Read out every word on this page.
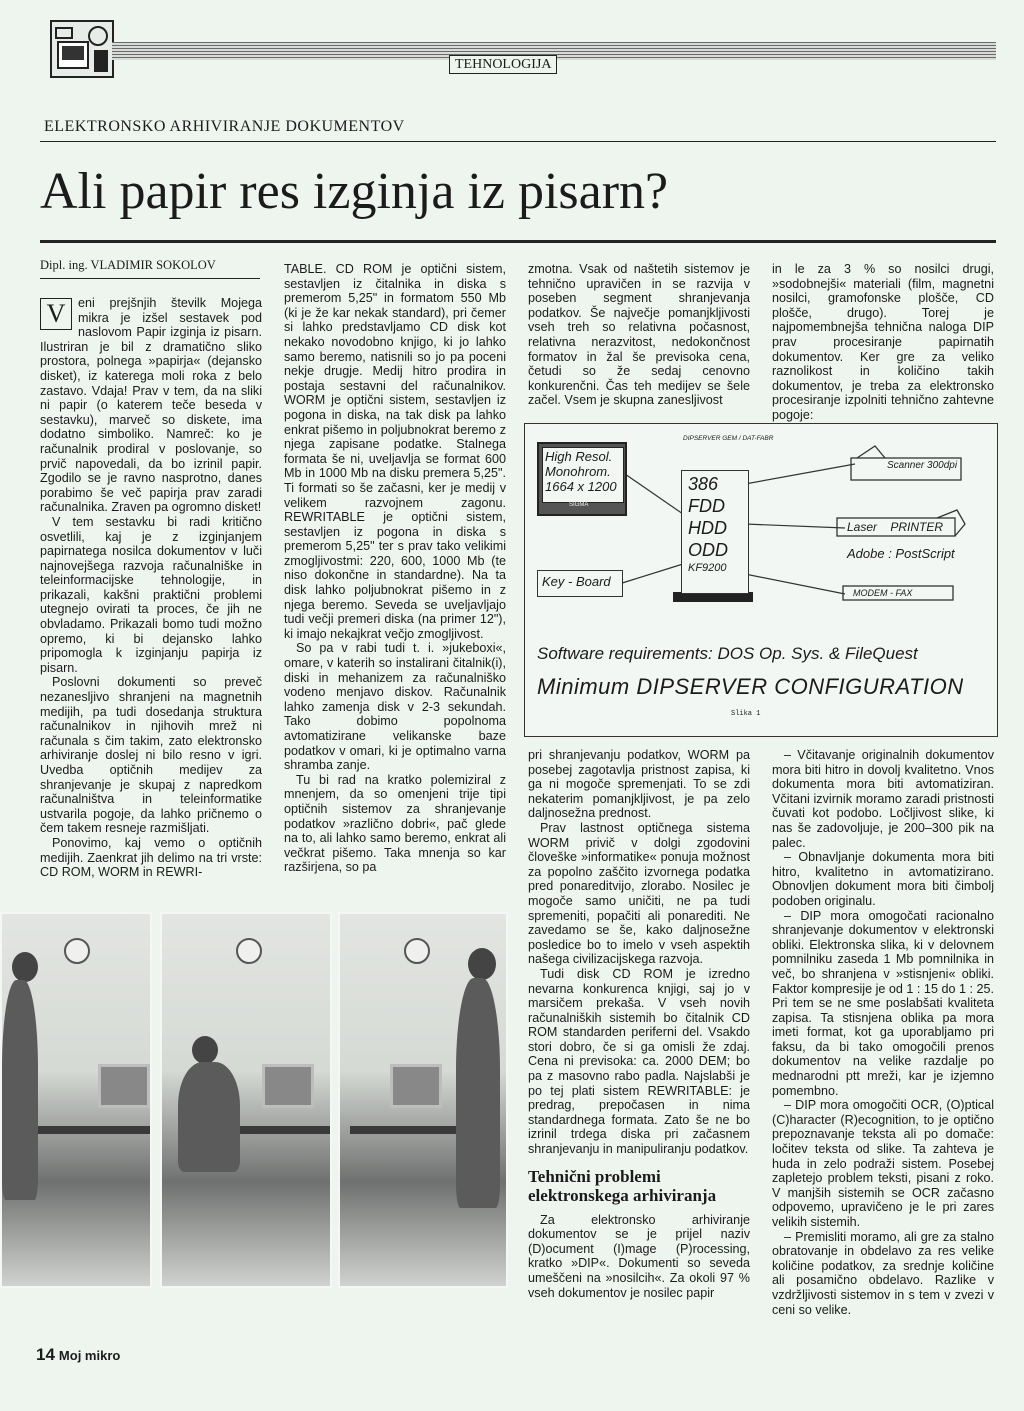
TEHNOLOGIJA
ELEKTRONSKO ARHIVIRANJE DOKUMENTOV
Ali papir res izginja iz pisarn?
Dipl. ing. VLADIMIR SOKOLOV

V	eni prejšnjih številk Mojega mikra je izšel sestavek pod naslovom Papir izginja iz pisarn. Ilustriran je bil z dramatično sliko prostora, polnega »papirja« (dejansko disket), iz katerega moli roka z belo zastavo. Vdaja! Prav v tem, da na sliki ni papir (o katerem teče beseda v sestavku), marveč so diskete, ima dodatno simboliko. Namreč: ko je računalnik prodiral v poslovanje, so prvič napovedali, da bo izrinil papir. Zgodilo se je ravno nasprotno, danes porabimo še več papirja prav zaradi računalnika. Zraven pa ogromno disket!

V tem sestavku bi radi kritično osvetlili, kaj je z izginjanjem papirnatega nosilca dokumentov v luči najnovejšega razvoja računalniške in teleinformacijske tehnologije, in prikazali, kakšni praktični problemi utegnejo ovirati ta proces, če jih ne obvladamo. Prikazali bomo tudi možno opremo, ki bi dejansko lahko pripomogla k izginjanju papirja iz pisarn.

Poslovni dokumenti so preveč nezanesljivo shranjeni na magnetnih medijih, pa tudi dosedanja struktura računalnikov in njihovih mrež ni računala s čim takim, zato elektronsko arhiviranje doslej ni bilo resno v igri. Uvedba optičnih medijev za shranjevanje je skupaj z napredkom računalništva in teleinformatike ustvarila pogoje, da lahko pričnemo o čem takem resneje razmišljati.

Ponovimo, kaj vemo o optičnih medijih. Zaenkrat jih delimo na tri vrste: CD ROM, WORM in REWRI-

TABLE. CD ROM je optični sistem, sestavljen iz čitalnika in diska s premerom 5,25" in formatom 550 Mb (ki je že kar nekak standard), pri čemer si lahko predstavljamo CD disk kot nekako novodobno knjigo, ki jo lahko samo beremo, natisnili so jo pa poceni nekje drugje. Medij hitro prodira in postaja sestavni del računalnikov. WORM je optični sistem, sestavljen iz pogona in diska, na tak disk pa lahko enkrat pišemo in poljubnokrat beremo z njega zapisane podatke. Stalnega formata še ni, uveljavlja se format 600 Mb in 1000 Mb na disku premera 5,25". Ti formati so še začasni, ker je medij v velikem razvojnem zagonu. REWRITABLE je optični sistem, sestavljen iz pogona in diska s premerom 5,25" ter s prav tako velikimi zmogljivostmi: 220, 600, 1000 Mb (te niso dokončne in standardne). Na ta disk lahko poljubnokrat pišemo in z njega beremo. Seveda se uveljavljajo tudi večji premeri diska (na primer 12"), ki imajo nekajkrat večjo zmogljivost.

So pa v rabi tudi t. i. »jukeboxi«, omare, v katerih so instalirani čitalnik(i), diski in mehanizem za računalniško vodeno menjavo diskov. Računalnik lahko zamenja disk v 2-3 sekundah. Tako dobimo popolnoma avtomatizirane velikanske baze podatkov v omari, ki je optimalno varna shramba zanje.

Tu bi rad na kratko polemiziral z mnenjem, da so omenjeni trije tipi optičnih sistemov za shranjevanje podatkov »različno dobri«, pač glede na to, ali lahko samo beremo, enkrat ali večkrat pišemo. Taka mnenja so kar razširjena, so pa

zmotna. Vsak od naštetih sistemov je tehnično upravičen in se razvija v poseben segment shranjevanja podatkov. Še največje pomanjkljivosti vseh treh so relativna počasnost, relativna nerazvitost, nedokončnost formatov in žal še previsoka cena, četudi so že sedaj cenovno konkurenčni. Čas teh medijev se šele začel. Vsem je skupna zanesljivost

in le za 3 % so nosilci drugi, »sodobnejši« materiali (film, magnetni nosilci, gramofonske plošče, CD plošče, drugo). Torej je najpomembnejša tehnična naloga DIP prav procesiranje papirnatih dokumentov. Ker gre za veliko raznolikost in količino takih dokumentov, je treba za elektronsko procesiranje izpolniti tehnično zahtevne pogoje:

DIPSERVER GEM / DAT-FABR
High Resol.
Monohrom.
1664 x 1200
SIGMA
Key - Board
386
FDD
HDD
ODD
KF9200
Scanner 300dpi
Laser PRINTER
Adobe : PostScript
MODEM - FAX
Software requirements: DOS Op. Sys. & FileQuest
Minimum DIPSERVER CONFIGURATION
Slika 1

pri shranjevanju podatkov, WORM pa posebej zagotavlja pristnost zapisa, ki ga ni mogoče spremenjati. To se zdi nekaterim pomanjkljivost, je pa zelo daljnosežna prednost.

Prav lastnost optičnega sistema WORM privič v dolgi zgodovini človeške »informatike« ponuja možnost za popolno zaščito izvornega podatka pred ponareditvijo, zlorabo. Nosilec je mogoče samo uničiti, ne pa tudi spremeniti, popačiti ali ponarediti. Ne zavedamo se še, kako daljnosežne posledice bo to imelo v vseh aspektih našega civilizacijskega razvoja.

Tudi disk CD ROM je izredno nevarna konkurenca knjigi, saj jo v marsičem prekaša. V vseh novih računalniških sistemih bo čitalnik CD ROM standarden periferni del. Vsakdo stori dobro, če si ga omisli že zdaj. Cena ni previsoka: ca. 2000 DEM; bo pa z masovno rabo padla. Najslabši je po tej plati sistem REWRITABLE: je predrag, prepočasen in nima standardnega formata. Zato še ne bo izrinil trdega diska pri začasnem shranjevanju in manipuliranju podatkov.

Tehnični problemi elektronskega arhiviranja

Za elektronsko arhiviranje dokumentov se je prijel naziv (D)ocument (I)mage (P)rocessing, kratko »DIP«. Dokumenti so seveda umeščeni na »nosilcih«. Za okoli 97 % vseh dokumentov je nosilec papir

– Včitavanje originalnih dokumentov mora biti hitro in dovolj kvalitetno. Vnos dokumenta mora biti avtomatiziran. Včitani izvirnik moramo zaradi pristnosti čuvati kot podobo. Ločljivost slike, ki nas še zadovoljuje, je 200–300 pik na palec.

– Obnavljanje dokumenta mora biti hitro, kvalitetno in avtomatizirano. Obnovljen dokument mora biti čimbolj podoben originalu.

– DIP mora omogočati racionalno shranjevanje dokumentov v elektronski obliki. Elektronska slika, ki v delovnem pomnilniku zaseda 1 Mb pomnilnika in več, bo shranjena v »stisnjeni« obliki. Faktor kompresije je od 1 : 15 do 1 : 25. Pri tem se ne sme poslabšati kvaliteta zapisa. Ta stisnjena oblika pa mora imeti format, kot ga uporabljamo pri faksu, da bi tako omogočili prenos dokumentov na velike razdalje po mednarodni ptt mreži, kar je izjemno pomembno.

– DIP mora omogočiti OCR, (O)ptical (C)haracter (R)ecognition, to je optično prepoznavanje teksta ali po domače: ločitev teksta od slike. Ta zahteva je huda in zelo podraži sistem. Posebej zapletejo problem teksti, pisani z roko. V manjših sistemih se OCR začasno odpovemo, upravičeno je le pri zares velikih sistemih.

– Premisliti moramo, ali gre za stalno obratovanje in obdelavo za res velike količine podatkov, za srednje količine ali posamično obdelavo. Razlike v vzdržljivosti sistemov in s tem v zvezi v ceni so velike.

14 Moj mikro
